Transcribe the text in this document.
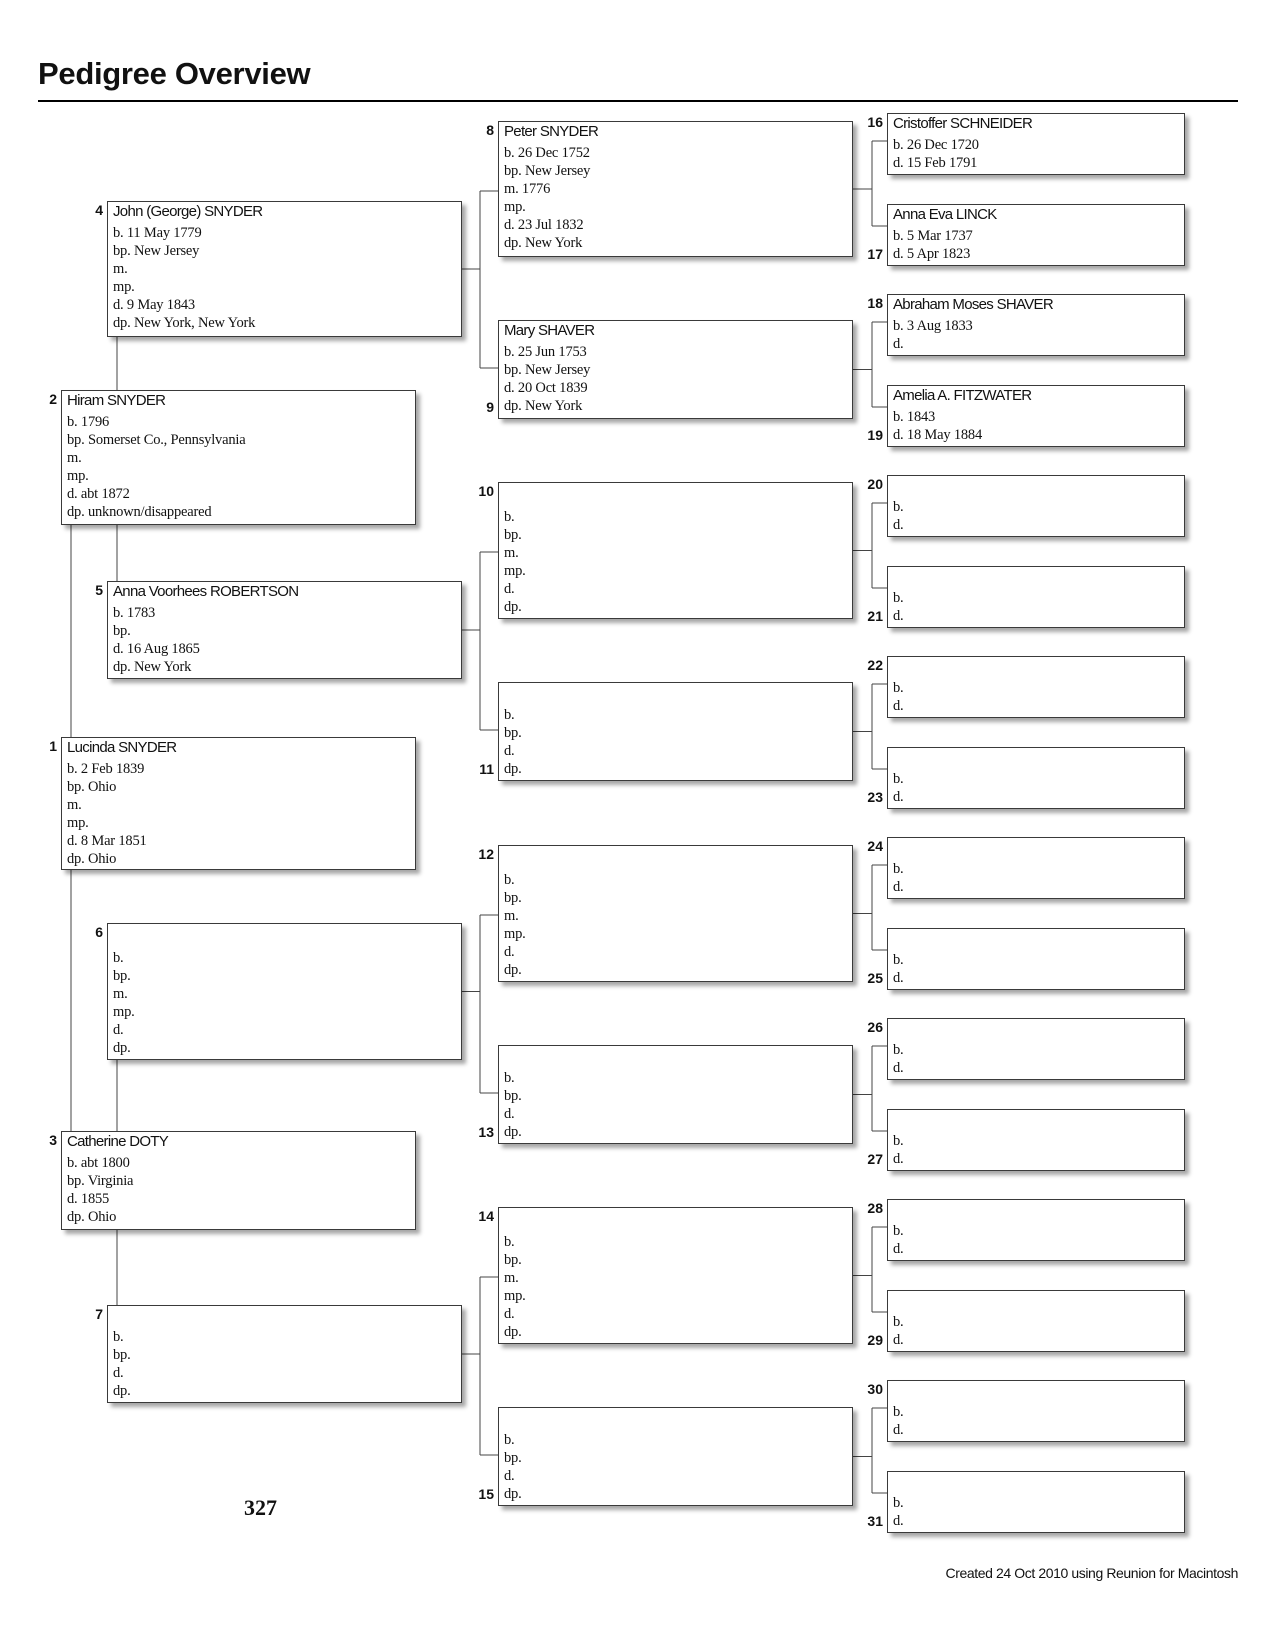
Pedigree Overview
Lucinda SNYDER
b. 2 Feb 1839
bp. Ohio
m.
mp.
d. 8 Mar 1851
dp. Ohio
1
Hiram SNYDER
b. 1796
bp. Somerset Co., Pennsylvania
m.
mp.
d. abt 1872
dp. unknown/disappeared
2
Catherine DOTY
b. abt 1800
bp. Virginia
d. 1855
dp. Ohio
3
John (George) SNYDER
b. 11 May 1779
bp. New Jersey
m.
mp.
d. 9 May 1843
dp. New York, New York
4
Anna Voorhees ROBERTSON
b. 1783
bp.
d. 16 Aug 1865
dp. New York
5
b.
bp.
m.
mp.
d.
dp.
6
b.
bp.
d.
dp.
7
Peter SNYDER
b. 26 Dec 1752
bp. New Jersey
m. 1776
mp.
d. 23 Jul 1832
dp. New York
8
Mary SHAVER
b. 25 Jun 1753
bp. New Jersey
d. 20 Oct 1839
dp. New York
9
b.
bp.
m.
mp.
d.
dp.
10
b.
bp.
d.
dp.
11
b.
bp.
m.
mp.
d.
dp.
12
b.
bp.
d.
dp.
13
b.
bp.
m.
mp.
d.
dp.
14
b.
bp.
d.
dp.
15
Cristoffer SCHNEIDER
b. 26 Dec 1720
d. 15 Feb 1791
16
Anna Eva LINCK
b. 5 Mar 1737
d. 5 Apr 1823
17
Abraham Moses SHAVER
b. 3 Aug 1833
d.
18
Amelia A. FITZWATER
b. 1843
d. 18 May 1884
19
b.
d.
20
b.
d.
21
b.
d.
22
b.
d.
23
b.
d.
24
b.
d.
25
b.
d.
26
b.
d.
27
b.
d.
28
b.
d.
29
b.
d.
30
b.
d.
31
327
Created 24 Oct 2010 using Reunion for Macintosh
